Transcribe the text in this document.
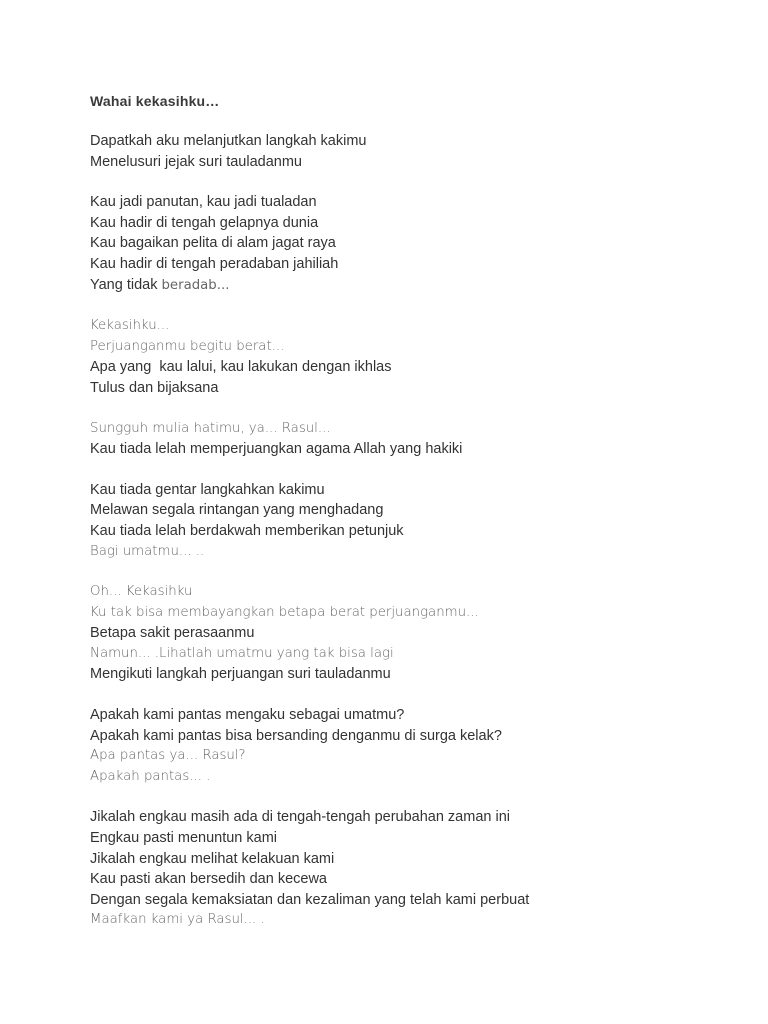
Wahai kekasihku…
Dapatkah aku melanjutkan langkah kakimu
Menelusuri jejak suri tauladanmu
Kau jadi panutan, kau jadi tualadan
Kau hadir di tengah gelapnya dunia
Kau bagaikan pelita di alam jagat raya
Kau hadir di tengah peradaban jahiliah
Yang tidak beradab...
Kekasihku...
Perjuanganmu begitu berat...
Apa yang  kau lalui, kau lakukan dengan ikhlas
Tulus dan bijaksana
Sungguh mulia hatimu, ya... Rasul...
Kau tiada lelah memperjuangkan agama Allah yang hakiki
Kau tiada gentar langkahkan kakimu
Melawan segala rintangan yang menghadang
Kau tiada lelah berdakwah memberikan petunjuk
Bagi umatmu... ..
Oh... Kekasihku
Ku tak bisa membayangkan betapa berat perjuanganmu...
Betapa sakit perasaanmu
Namun... .Lihatlah umatmu yang tak bisa lagi
Mengikuti langkah perjuangan suri tauladanmu
Apakah kami pantas mengaku sebagai umatmu?
Apakah kami pantas bisa bersanding denganmu di surga kelak?
Apa pantas ya... Rasul?
Apakah pantas... .
Jikalah engkau masih ada di tengah-tengah perubahan zaman ini
Engkau pasti menuntun kami
Jikalah engkau melihat kelakuan kami
Kau pasti akan bersedih dan kecewa
Dengan segala kemaksiatan dan kezaliman yang telah kami perbuat
Maafkan kami ya Rasul... .
